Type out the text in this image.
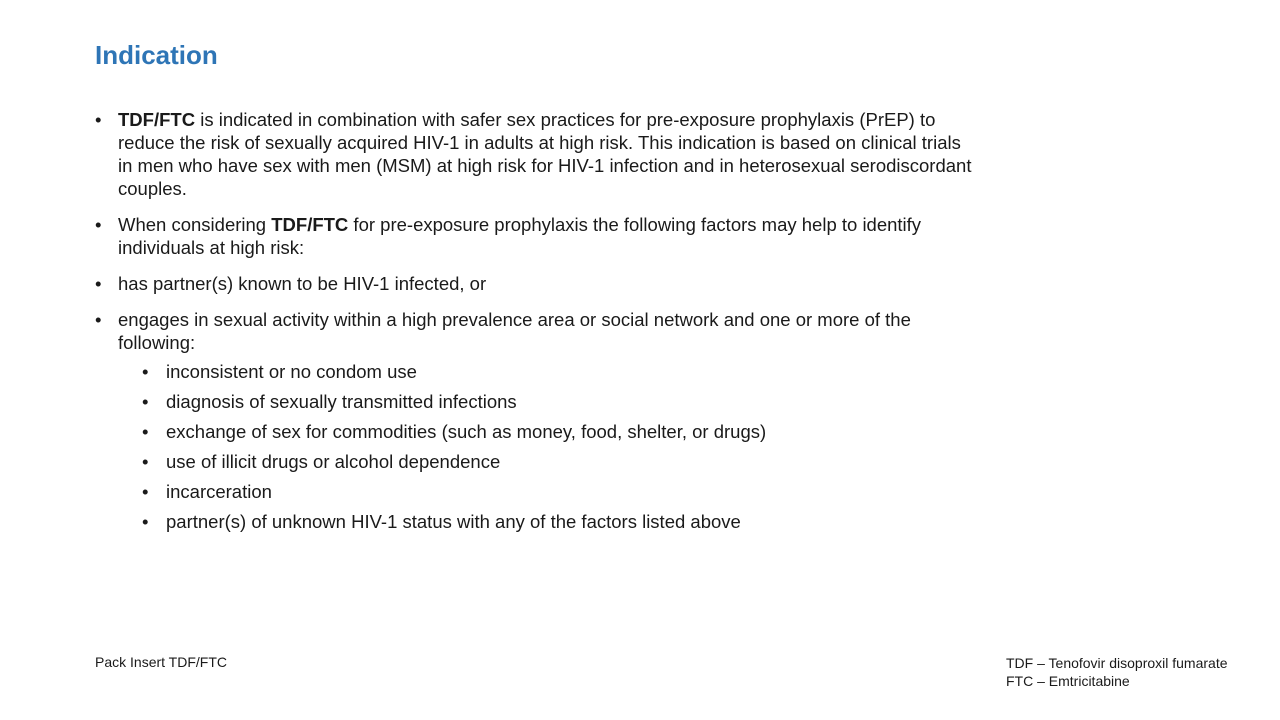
Indication
• TDF/FTC is indicated in combination with safer sex practices for pre-exposure prophylaxis (PrEP) to reduce the risk of sexually acquired HIV-1 in adults at high risk. This indication is based on clinical trials in men who have sex with men (MSM) at high risk for HIV-1 infection and in heterosexual serodiscordant couples.
• When considering TDF/FTC for pre-exposure prophylaxis the following factors may help to identify individuals at high risk:
• has partner(s) known to be HIV-1 infected, or
• engages in sexual activity within a high prevalence area or social network and one or more of the following:
• inconsistent or no condom use
• diagnosis of sexually transmitted infections
• exchange of sex for commodities (such as money, food, shelter, or drugs)
• use of illicit drugs or alcohol dependence
• incarceration
• partner(s) of unknown HIV-1 status with any of the factors listed above
Pack Insert TDF/FTC	TDF – Tenofovir disoproxil fumarate
FTC – Emtricitabine
